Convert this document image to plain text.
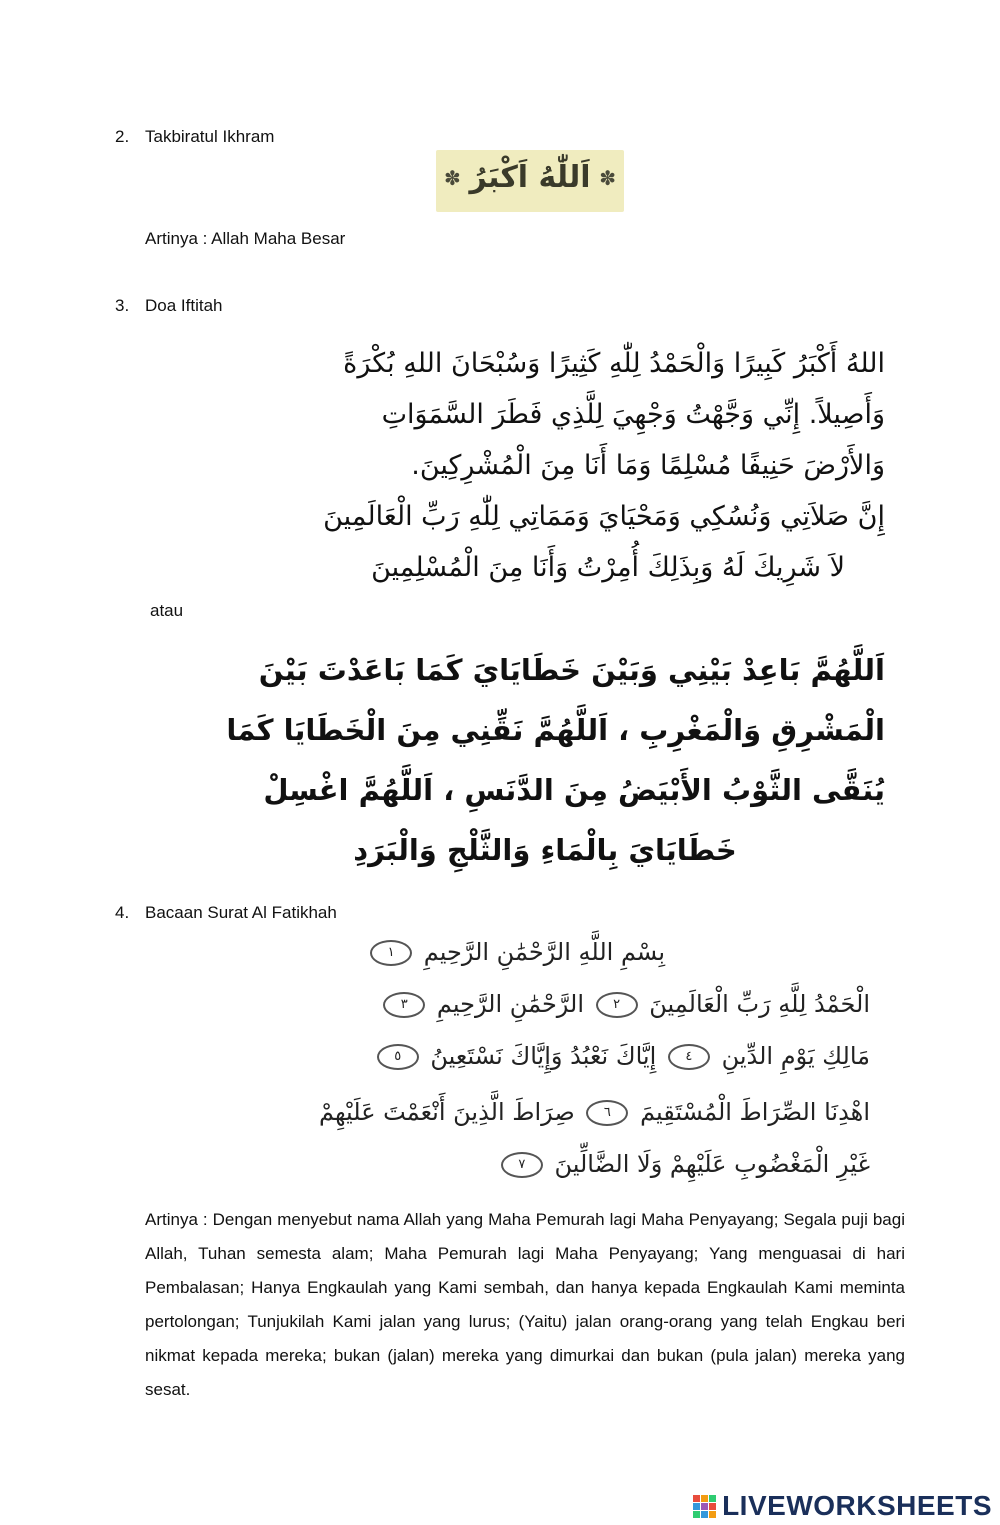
2. Takbiratul Ikhram
✽ اَللّٰهُ اَكْبَرُ ✽
Artinya : Allah Maha Besar
3. Doa Iftitah
اللهُ أَكْبَرُ كَبِيرًا وَالْحَمْدُ لِلّٰهِ كَثِيرًا وَسُبْحَانَ اللهِ بُكْرَةً
وَأَصِيلاً. إِنِّي وَجَّهْتُ وَجْهِيَ لِلَّذِي فَطَرَ السَّمَوَاتِ
وَالأَرْضَ حَنِيفًا مُسْلِمًا وَمَا أَنَا مِنَ الْمُشْرِكِينَ.
إِنَّ صَلاَتِي وَنُسُكِي وَمَحْيَايَ وَمَمَاتِي لِلّٰهِ رَبِّ الْعَالَمِينَ
لاَ شَرِيكَ لَهُ وَبِذَلِكَ أُمِرْتُ وَأَنَا مِنَ الْمُسْلِمِينَ
atau
اَللَّهُمَّ بَاعِدْ بَيْنِي وَبَيْنَ خَطَايَايَ كَمَا بَاعَدْتَ بَيْنَ
الْمَشْرِقِ وَالْمَغْرِبِ ، اَللَّهُمَّ نَقِّنِي مِنَ الْخَطَايَا كَمَا
يُنَقَّى الثَّوْبُ الأَبْيَضُ مِنَ الدَّنَسِ ، اَللَّهُمَّ اغْسِلْ
خَطَايَايَ بِالْمَاءِ وَالثَّلْجِ وَالْبَرَدِ
4. Bacaan Surat Al Fatikhah
بِسْمِ اللَّهِ الرَّحْمَٰنِ الرَّحِيمِ ١
الْحَمْدُ لِلَّهِ رَبِّ الْعَالَمِينَ ٢ الرَّحْمَٰنِ الرَّحِيمِ ٣
مَالِكِ يَوْمِ الدِّينِ ٤ إِيَّاكَ نَعْبُدُ وَإِيَّاكَ نَسْتَعِينُ ٥
اهْدِنَا الصِّرَاطَ الْمُسْتَقِيمَ ٦ صِرَاطَ الَّذِينَ أَنْعَمْتَ عَلَيْهِمْ
غَيْرِ الْمَغْضُوبِ عَلَيْهِمْ وَلَا الضَّالِّينَ ٧
Artinya : Dengan menyebut nama Allah yang Maha Pemurah lagi Maha Penyayang; Segala puji bagi Allah, Tuhan semesta alam; Maha Pemurah lagi Maha Penyayang; Yang menguasai di hari Pembalasan; Hanya Engkaulah yang Kami sembah, dan hanya kepada Engkaulah Kami meminta pertolongan; Tunjukilah Kami jalan yang lurus; (Yaitu) jalan orang-orang yang telah Engkau beri nikmat kepada mereka; bukan (jalan) mereka yang dimurkai dan bukan (pula jalan) mereka yang sesat.
LIVEWORKSHEETS
